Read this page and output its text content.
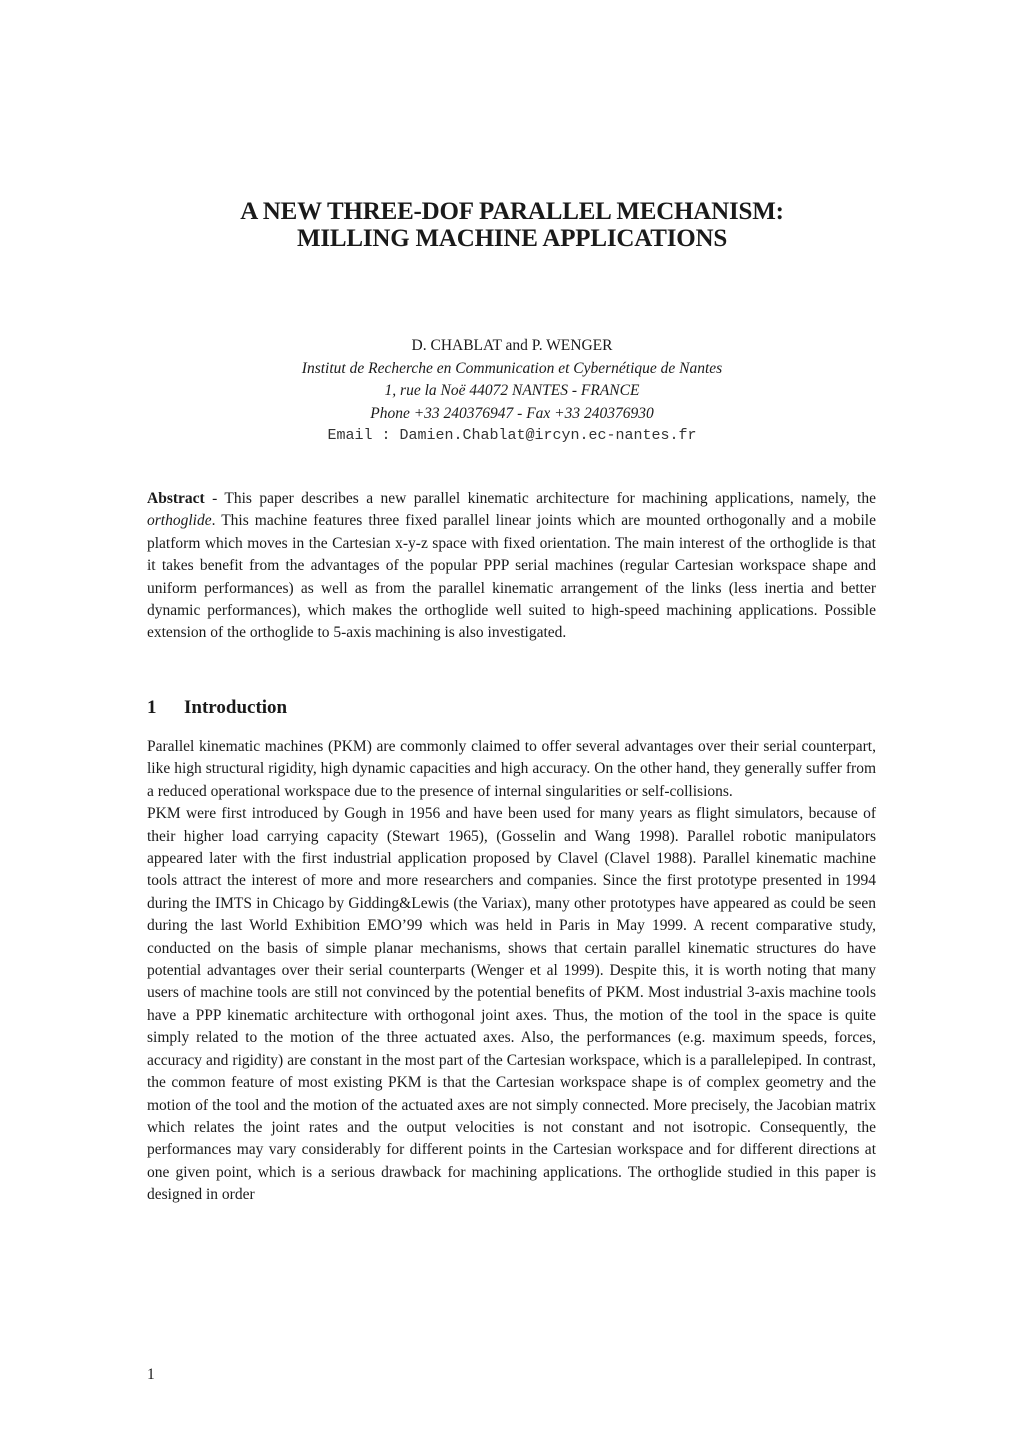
A NEW THREE-DOF PARALLEL MECHANISM:
MILLING MACHINE APPLICATIONS
D. CHABLAT and P. WENGER
Institut de Recherche en Communication et Cybernétique de Nantes
1, rue la Noë 44072 NANTES - FRANCE
Phone +33 240376947 - Fax +33 240376930
Email : Damien.Chablat@ircyn.ec-nantes.fr
Abstract - This paper describes a new parallel kinematic architecture for machining applications, namely, the orthoglide. This machine features three fixed parallel linear joints which are mounted orthogonally and a mobile platform which moves in the Cartesian x-y-z space with fixed orientation. The main interest of the orthoglide is that it takes benefit from the advantages of the popular PPP serial machines (regular Cartesian workspace shape and uniform performances) as well as from the parallel kinematic arrangement of the links (less inertia and better dynamic performances), which makes the orthoglide well suited to high-speed machining applications. Possible extension of the orthoglide to 5-axis machining is also investigated.
1 Introduction

Parallel kinematic machines (PKM) are commonly claimed to offer several advantages over their serial counterpart, like high structural rigidity, high dynamic capacities and high accuracy. On the other hand, they generally suffer from a reduced operational workspace due to the presence of internal singularities or self-collisions.

PKM were first introduced by Gough in 1956 and have been used for many years as flight simulators, because of their higher load carrying capacity (Stewart 1965), (Gosselin and Wang 1998). Parallel robotic manipulators appeared later with the first industrial application proposed by Clavel (Clavel 1988). Parallel kinematic machine tools attract the interest of more and more researchers and companies. Since the first prototype presented in 1994 during the IMTS in Chicago by Gidding&Lewis (the Variax), many other prototypes have appeared as could be seen during the last World Exhibition EMO’99 which was held in Paris in May 1999. A recent comparative study, conducted on the basis of simple planar mechanisms, shows that certain parallel kinematic structures do have potential advantages over their serial counterparts (Wenger et al 1999). Despite this, it is worth noting that many users of machine tools are still not convinced by the potential benefits of PKM. Most industrial 3-axis machine tools have a PPP kinematic architecture with orthogonal joint axes. Thus, the motion of the tool in the space is quite simply related to the motion of the three actuated axes. Also, the performances (e.g. maximum speeds, forces, accuracy and rigidity) are constant in the most part of the Cartesian workspace, which is a parallelepiped. In contrast, the common feature of most existing PKM is that the Cartesian workspace shape is of complex geometry and the motion of the tool and the motion of the actuated axes are not simply connected. More precisely, the Jacobian matrix which relates the joint rates and the output velocities is not constant and not isotropic. Consequently, the performances may vary considerably for different points in the Cartesian workspace and for different directions at one given point, which is a serious drawback for machining applications. The orthoglide studied in this paper is designed in order

1
